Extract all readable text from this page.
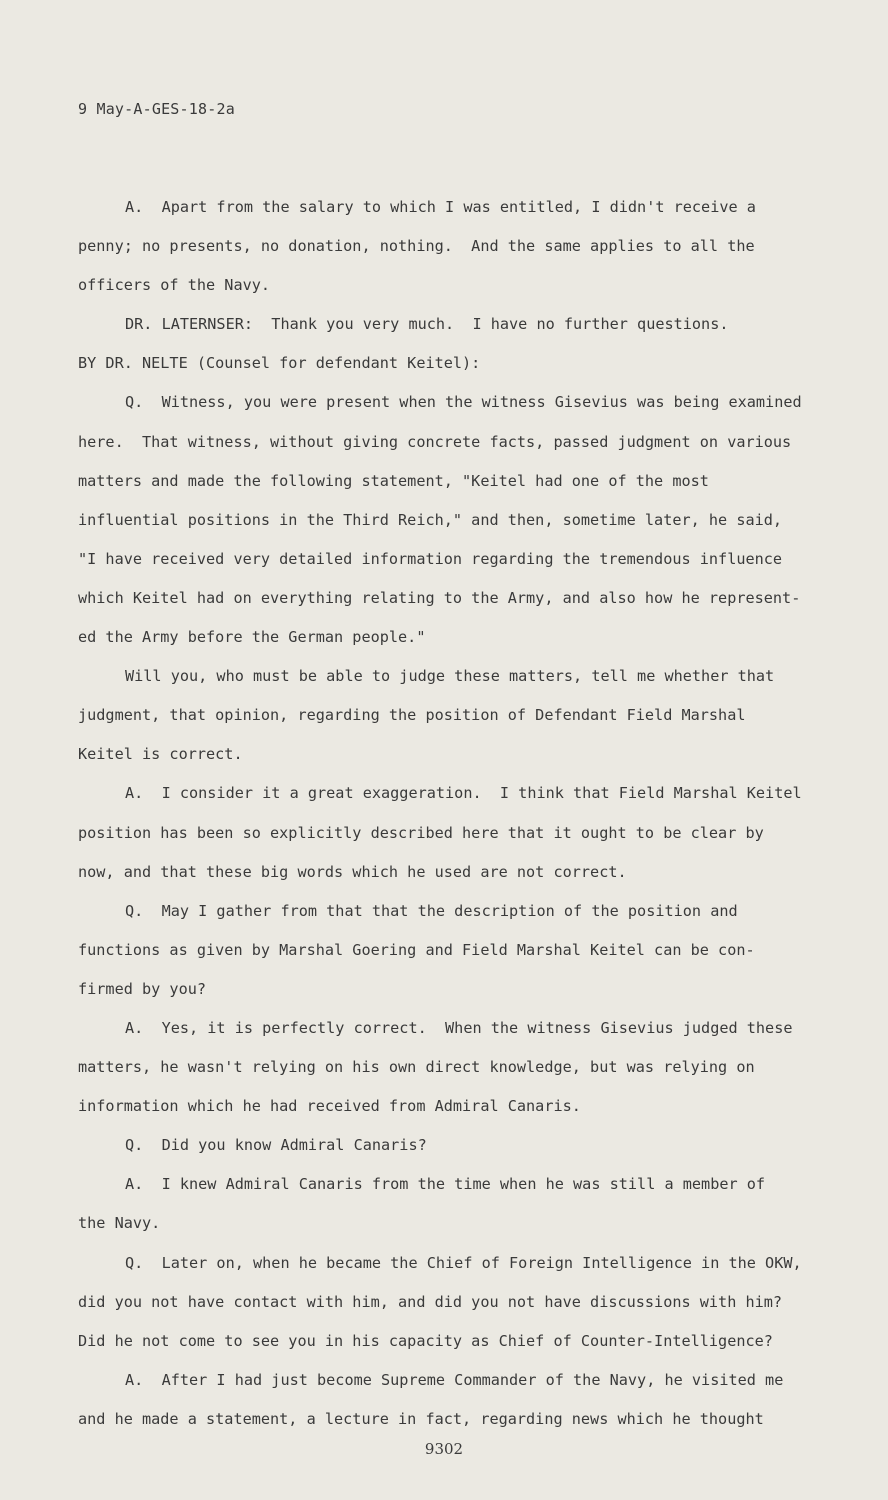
9 May-A-GES-18-2a
A.  Apart from the salary to which I was entitled, I didn't receive a
penny; no presents, no donation, nothing.  And the same applies to all the
officers of the Navy.
DR. LATERNSER:  Thank you very much.  I have no further questions.
BY DR. NELTE (Counsel for defendant Keitel):
Q.  Witness, you were present when the witness Gisevius was being examined
here.  That witness, without giving concrete facts, passed judgment on various
matters and made the following statement, "Keitel had one of the most
influential positions in the Third Reich," and then, sometime later, he said,
"I have received very detailed information regarding the tremendous influence
which Keitel had on everything relating to the Army, and also how he represent-
ed the Army before the German people."
Will you, who must be able to judge these matters, tell me whether that
judgment, that opinion, regarding the position of Defendant Field Marshal
Keitel is correct.
A.  I consider it a great exaggeration.  I think that Field Marshal Keitel
position has been so explicitly described here that it ought to be clear by
now, and that these big words which he used are not correct.
Q.  May I gather from that that the description of the position and
functions as given by Marshal Goering and Field Marshal Keitel can be con-
firmed by you?
A.  Yes, it is perfectly correct.  When the witness Gisevius judged these
matters, he wasn't relying on his own direct knowledge, but was relying on
information which he had received from Admiral Canaris.
Q.  Did you know Admiral Canaris?
A.  I knew Admiral Canaris from the time when he was still a member of
the Navy.
Q.  Later on, when he became the Chief of Foreign Intelligence in the OKW,
did you not have contact with him, and did you not have discussions with him?
Did he not come to see you in his capacity as Chief of Counter-Intelligence?
A.  After I had just become Supreme Commander of the Navy, he visited me
and he made a statement, a lecture in fact, regarding news which he thought
9302
